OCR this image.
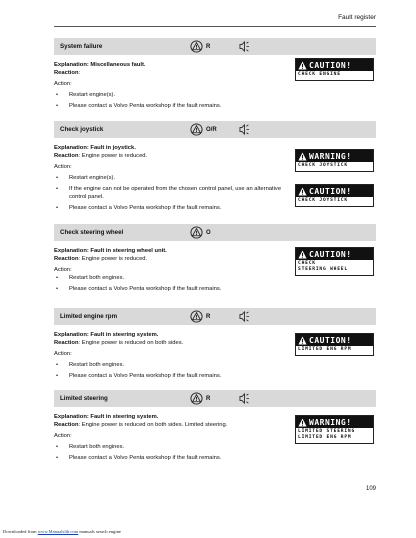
Fault register
System failure	R
Explanation: Miscellaneous fault.
Reaction:
Action:
• Restart engine(s).
• Please contact a Volvo Penta workshop if the fault remains.
CAUTION!
CHECK ENGINE
Check joystick	O/R
Explanation: Fault in joystick.
Reaction: Engine power is reduced.
Action:
• Restart engine(s).
• If the engine can not be operated from the chosen control panel, use an alternative control panel.
• Please contact a Volvo Penta workshop if the fault remains.
WARNING!
CHECK JOYSTICK
CAUTION!
CHECK JOYSTICK
Check steering wheel	O
Explanation: Fault in steering wheel unit.
Reaction: Engine power is reduced.
Action:
• Restart both engines.
• Please contact a Volvo Penta workshop if the fault remains.
CAUTION!
CHECK
STEERING WHEEL
Limited engine rpm	R
Explanation: Fault in steering system.
Reaction: Engine power is reduced on both sides.
Action:
• Restart both engines.
• Please contact a Volvo Penta workshop if the fault remains.
CAUTION!
LIMITED ENG RPM
Limited steering	R
Explanation: Fault in steering system.
Reaction: Engine power is reduced on both sides. Limited steering.
Action:
• Restart both engines.
• Please contact a Volvo Penta workshop if the fault remains.
WARNING!
LIMITED STEERING
LIMITED ENG RPM
109
Downloaded from www.Manualslib.com manuals search engine
